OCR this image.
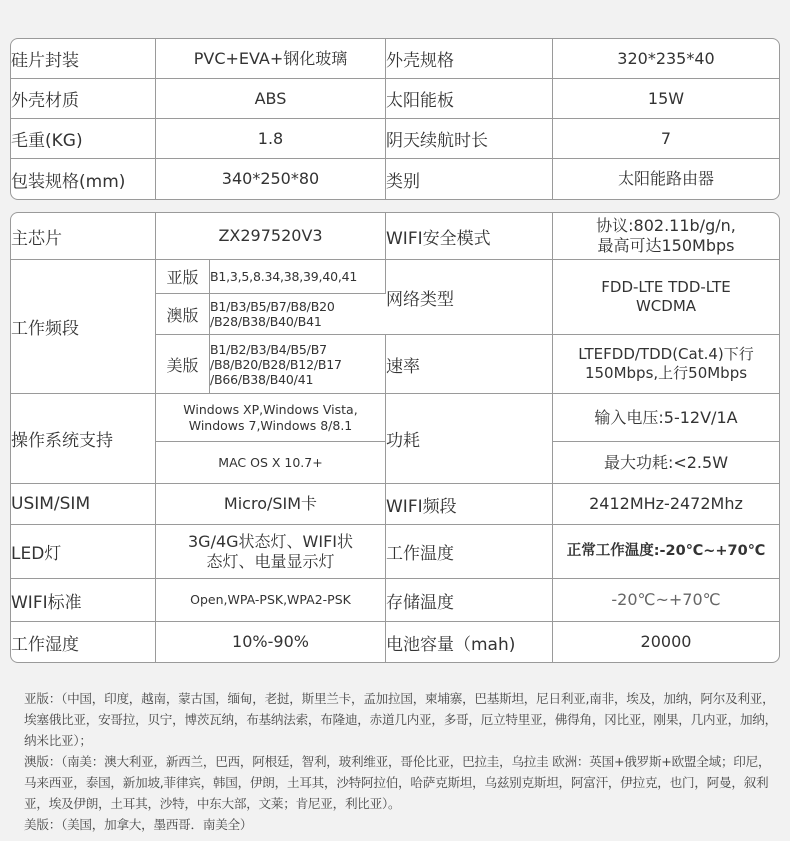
硅片封装	PVC+EVA+钢化玻璃	外壳规格	320*235*40
外壳材质	ABS	太阳能板	15W
毛重(KG)	1.8	阴天续航时长	7
包装规格(mm)	340*250*80	类别	太阳能路由器
主芯片	ZX297520V3		WIFI安全模式	协议:802.11b/g/n,
最高可达150Mbps
工作频段	亚版	B1,3,5,8.34,38,39,40,41	网络类型	FDD-LTE TDD-LTE
WCDMA
	澳版	B1/B3/B5/B7/B8/B20
/B28/B38/B40/B41		
	美版	B1/B2/B3/B4/B5/B7
/B8/B20/B28/B12/B17
/B66/B38/B40/41	速率	LTEFDD/TDD(Cat.4)下行
150Mbps,上行50Mbps
操作系统支持	Windows XP,Windows Vista,
Windows 7,Windows 8/8.1		功耗	输入电压:5-12V/1A
	MAC OS X 10.7+			最大功耗:<2.5W
USIM/SIM	Micro/SIM卡		WIFI频段	2412MHz-2472Mhz
LED灯	3G/4G状态灯、WIFI状
态灯、电量显示灯		工作温度	正常工作温度:-20℃~+70℃
WIFI标准	Open,WPA-PSK,WPA2-PSK		存储温度	-20℃~+70℃
工作湿度	10%-90%		电池容量（mah)	20000

亚版：（中国，印度，越南，蒙古国，缅甸，老挝，斯里兰卡，孟加拉国，柬埔寨，巴基斯坦，尼日利亚,南非，埃及，加纳，阿尔及利亚，埃塞俄比亚，安哥拉，贝宁，博茨瓦纳，布基纳法索，布隆迪，赤道几内亚，多哥，厄立特里亚，佛得角，冈比亚，刚果，几内亚，加纳，纳米比亚）；

澳版：（南美：澳大利亚，新西兰，巴西，阿根廷，智利，玻利维亚，哥伦比亚，巴拉圭，乌拉圭 欧洲：英国+俄罗斯+欧盟全域；印尼，马来西亚，泰国，新加坡,菲律宾，韩国，伊朗，土耳其，沙特阿拉伯，哈萨克斯坦，乌兹别克斯坦，阿富汗，伊拉克，也门，阿曼，叙利亚，埃及伊朗，土耳其，沙特，中东大部，文莱；肯尼亚，利比亚）。

美版：（美国，加拿大，墨西哥．南美全）
